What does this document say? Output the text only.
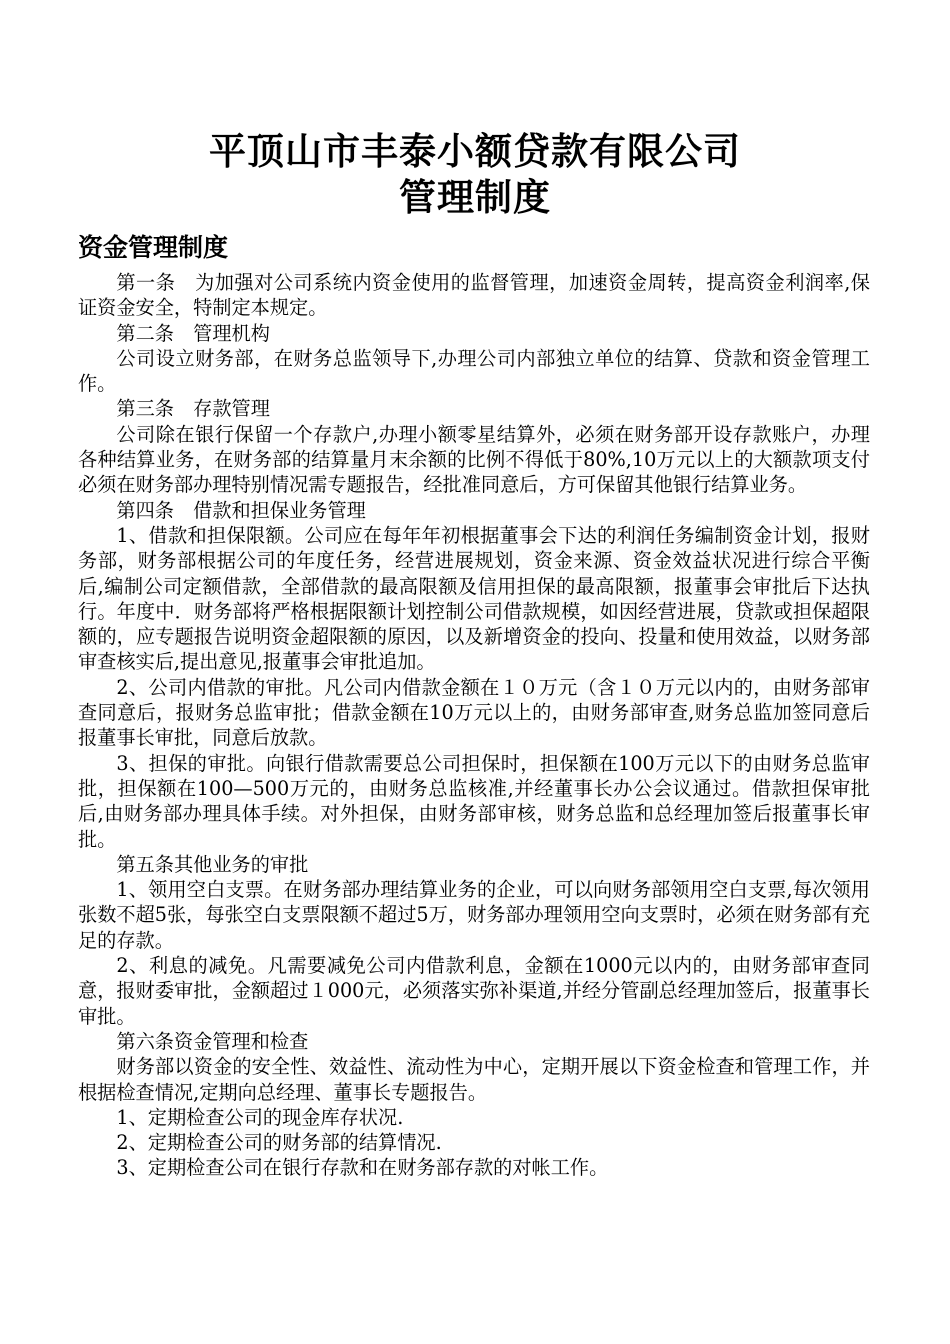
平顶山市丰泰小额贷款有限公司
管理制度
资金管理制度

第一条　为加强对公司系统内资金使用的监督管理，加速资金周转，提高资金利润率,保证资金安全，特制定本规定。

第二条　管理机构

公司设立财务部，在财务总监领导下,办理公司内部独立单位的结算、贷款和资金管理工作。

第三条　存款管理

公司除在银行保留一个存款户,办理小额零星结算外，必须在财务部开设存款账户，办理各种结算业务，在财务部的结算量月末余额的比例不得低于80%,10万元以上的大额款项支付必须在财务部办理特别情况需专题报告，经批准同意后，方可保留其他银行结算业务。

第四条　借款和担保业务管理

1、借款和担保限额。公司应在每年年初根据董事会下达的利润任务编制资金计划，报财务部，财务部根据公司的年度任务，经营进展规划，资金来源、资金效益状况进行综合平衡后,编制公司定额借款，全部借款的最高限额及信用担保的最高限额，报董事会审批后下达执行。年度中．财务部将严格根据限额计划控制公司借款规模，如因经营进展，贷款或担保超限额的，应专题报告说明资金超限额的原因，以及新增资金的投向、投量和使用效益，以财务部审查核实后,提出意见,报董事会审批追加。

2、公司内借款的审批。凡公司内借款金额在１０万元（含１０万元以内的，由财务部审查同意后，报财务总监审批；借款金额在10万元以上的，由财务部审查,财务总监加签同意后报董事长审批，同意后放款。

3、担保的审批。向银行借款需要总公司担保时，担保额在100万元以下的由财务总监审批，担保额在100—500万元的，由财务总监核准,并经董事长办公会议通过。借款担保审批后,由财务部办理具体手续。对外担保，由财务部审核，财务总监和总经理加签后报董事长审批。

第五条其他业务的审批

1、领用空白支票。在财务部办理结算业务的企业，可以向财务部领用空白支票,每次领用张数不超5张，每张空白支票限额不超过5万，财务部办理领用空向支票时，必须在财务部有充足的存款。

2、利息的减免。凡需要减免公司内借款利息，金额在1000元以内的，由财务部审查同意，报财委审批，金额超过１000元，必须落实弥补渠道,并经分管副总经理加签后，报董事长审批。

第六条资金管理和检查

财务部以资金的安全性、效益性、流动性为中心，定期开展以下资金检查和管理工作，并根据检查情况,定期向总经理、董事长专题报告。

1、定期检查公司的现金库存状况.

2、定期检查公司的财务部的结算情况.

3、定期检查公司在银行存款和在财务部存款的对帐工作。
